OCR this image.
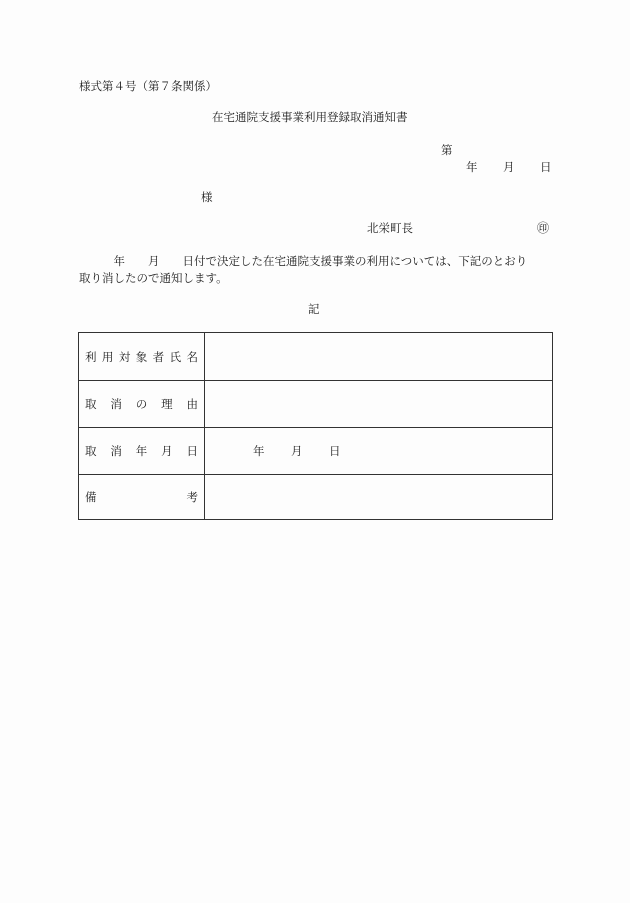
様式第４号（第７条関係）
在宅通院支援事業利用登録取消通知書
第
年 月 日
様
北栄町長	㊞
　　　年　　月　　日付で決定した在宅通院支援事業の利用については、下記のとおり
取り消したので通知します。
記
利用対象者氏名	

取消の理由	

取消年月日	年 月 日

備考	
